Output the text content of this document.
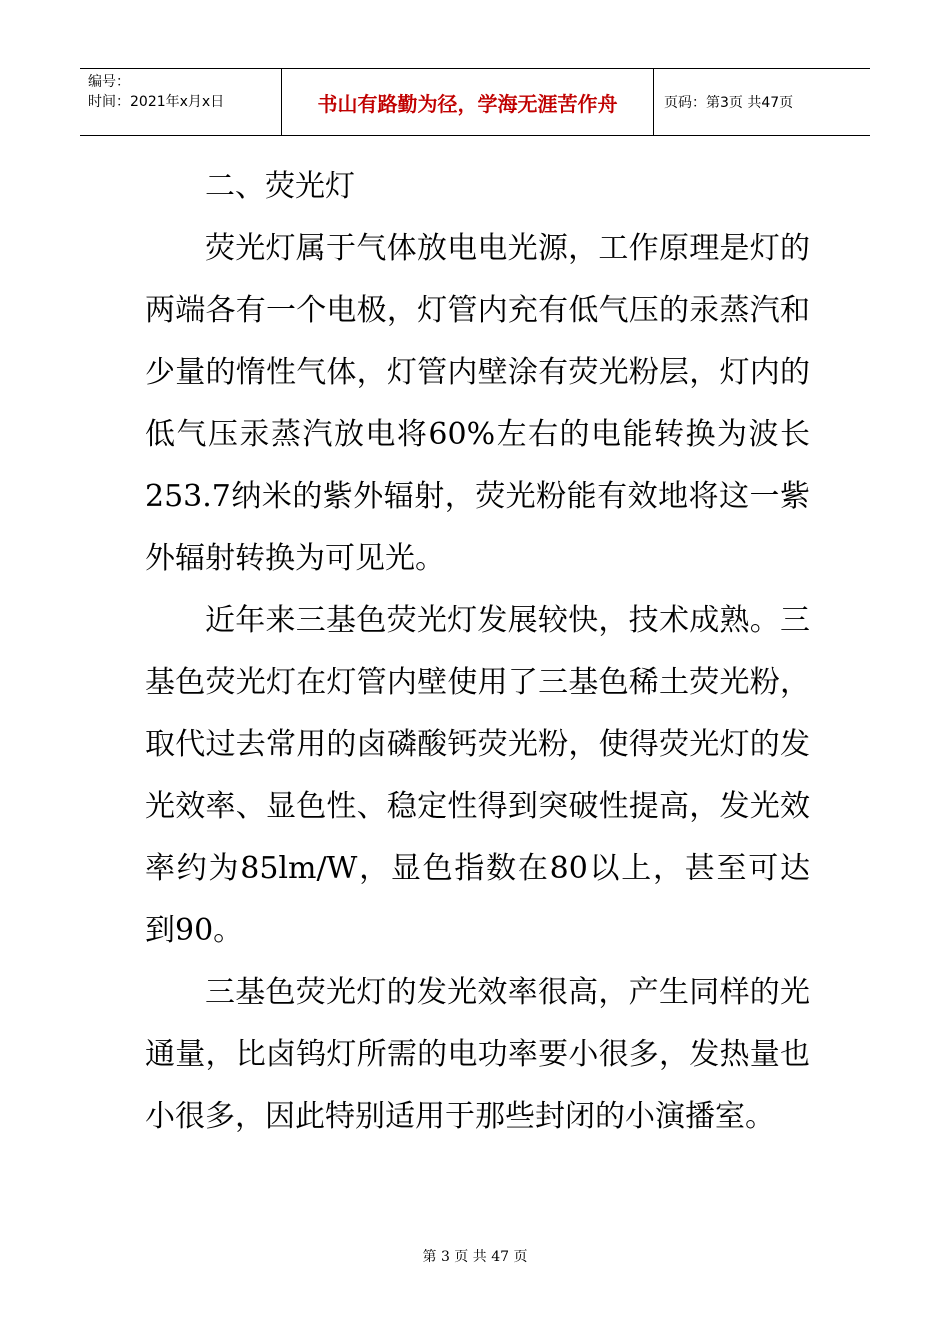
编号：
时间：2021年x月x日	书山有路勤为径，学海无涯苦作舟	页码：第3页 共47页
二、荧光灯

荧光灯属于气体放电电光源，工作原理是灯的两端各有一个电极，灯管内充有低气压的汞蒸汽和少量的惰性气体，灯管内壁涂有荧光粉层，灯内的低气压汞蒸汽放电将60%左右的电能转换为波长253.7纳米的紫外辐射，荧光粉能有效地将这一紫外辐射转换为可见光。

近年来三基色荧光灯发展较快，技术成熟。三基色荧光灯在灯管内壁使用了三基色稀土荧光粉，取代过去常用的卤磷酸钙荧光粉，使得荧光灯的发光效率、显色性、稳定性得到突破性提高，发光效率约为85lm/W，显色指数在80以上，甚至可达到90。

三基色荧光灯的发光效率很高，产生同样的光通量，比卤钨灯所需的电功率要小很多，发热量也小很多，因此特别适用于那些封闭的小演播室。

第 3 页 共 47 页
